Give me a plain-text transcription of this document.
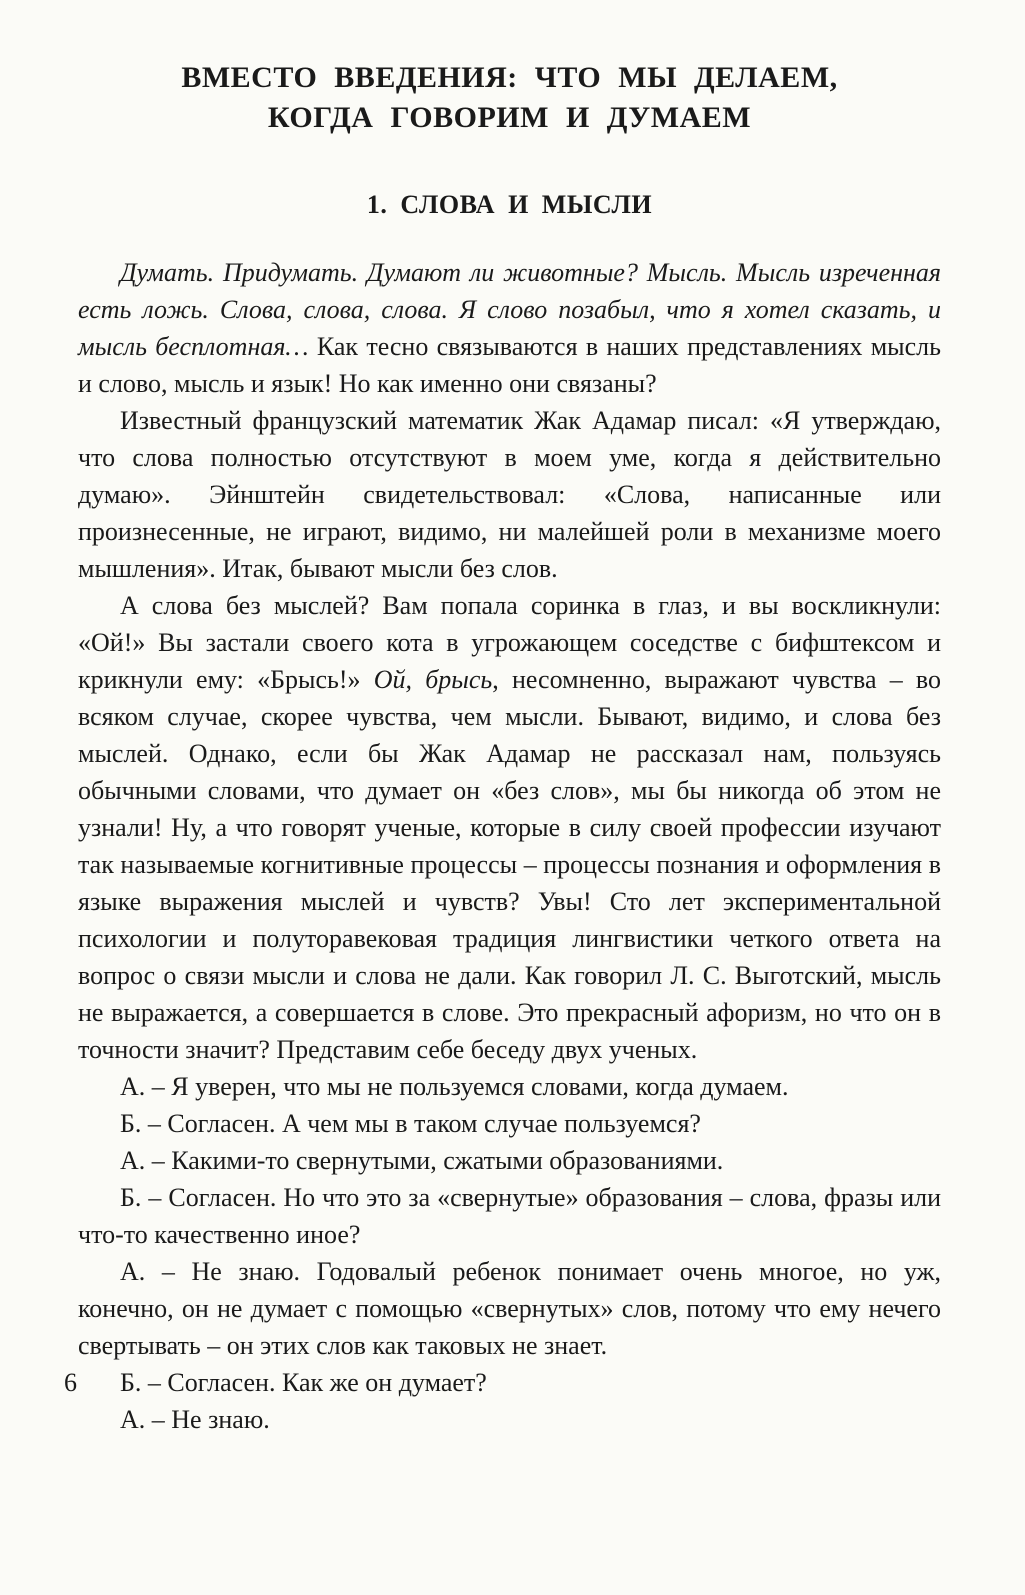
ВМЕСТО ВВЕДЕНИЯ: ЧТО МЫ ДЕЛАЕМ,
КОГДА ГОВОРИМ И ДУМАЕМ
1. СЛОВА И МЫСЛИ

Думать. Придумать. Думают ли животные? Мысль. Мысль изреченная есть ложь. Слова, слова, слова. Я слово позабыл, что я хотел сказать, и мысль бесплотная… Как тесно связываются в наших представлениях мысль и слово, мысль и язык! Но как именно они связаны?

Известный французский математик Жак Адамар писал: «Я утверждаю, что слова полностью отсутствуют в моем уме, когда я действительно думаю». Эйнштейн свидетельствовал: «Слова, написанные или произнесенные, не играют, видимо, ни малейшей роли в механизме моего мышления». Итак, бывают мысли без слов.

А слова без мыслей? Вам попала соринка в глаз, и вы воскликнули: «Ой!» Вы застали своего кота в угрожающем соседстве с бифштексом и крикнули ему: «Брысь!» Ой, брысь, несомненно, выражают чувства – во всяком случае, скорее чувства, чем мысли. Бывают, видимо, и слова без мыслей. Однако, если бы Жак Адамар не рассказал нам, пользуясь обычными словами, что думает он «без слов», мы бы никогда об этом не узнали! Ну, а что говорят ученые, которые в силу своей профессии изучают так называемые когнитивные процессы – процессы познания и оформления в языке выражения мыслей и чувств? Увы! Сто лет экспериментальной психологии и полуторавековая традиция лингвистики четкого ответа на вопрос о связи мысли и слова не дали. Как говорил Л. С. Выготский, мысль не выражается, а совершается в слове. Это прекрасный афоризм, но что он в точности значит? Представим себе беседу двух ученых.

А. – Я уверен, что мы не пользуемся словами, когда думаем.

Б. – Согласен. А чем мы в таком случае пользуемся?

А. – Какими-то свернутыми, сжатыми образованиями.

Б. – Согласен. Но что это за «свернутые» образования – слова, фразы или что-то качественно иное?

А. – Не знаю. Годовалый ребенок понимает очень многое, но уж, конечно, он не думает с помощью «свернутых» слов, потому что ему нечего свертывать – он этих слов как таковых не знает.

Б. – Согласен. Как же он думает?

А. – Не знаю.

6
